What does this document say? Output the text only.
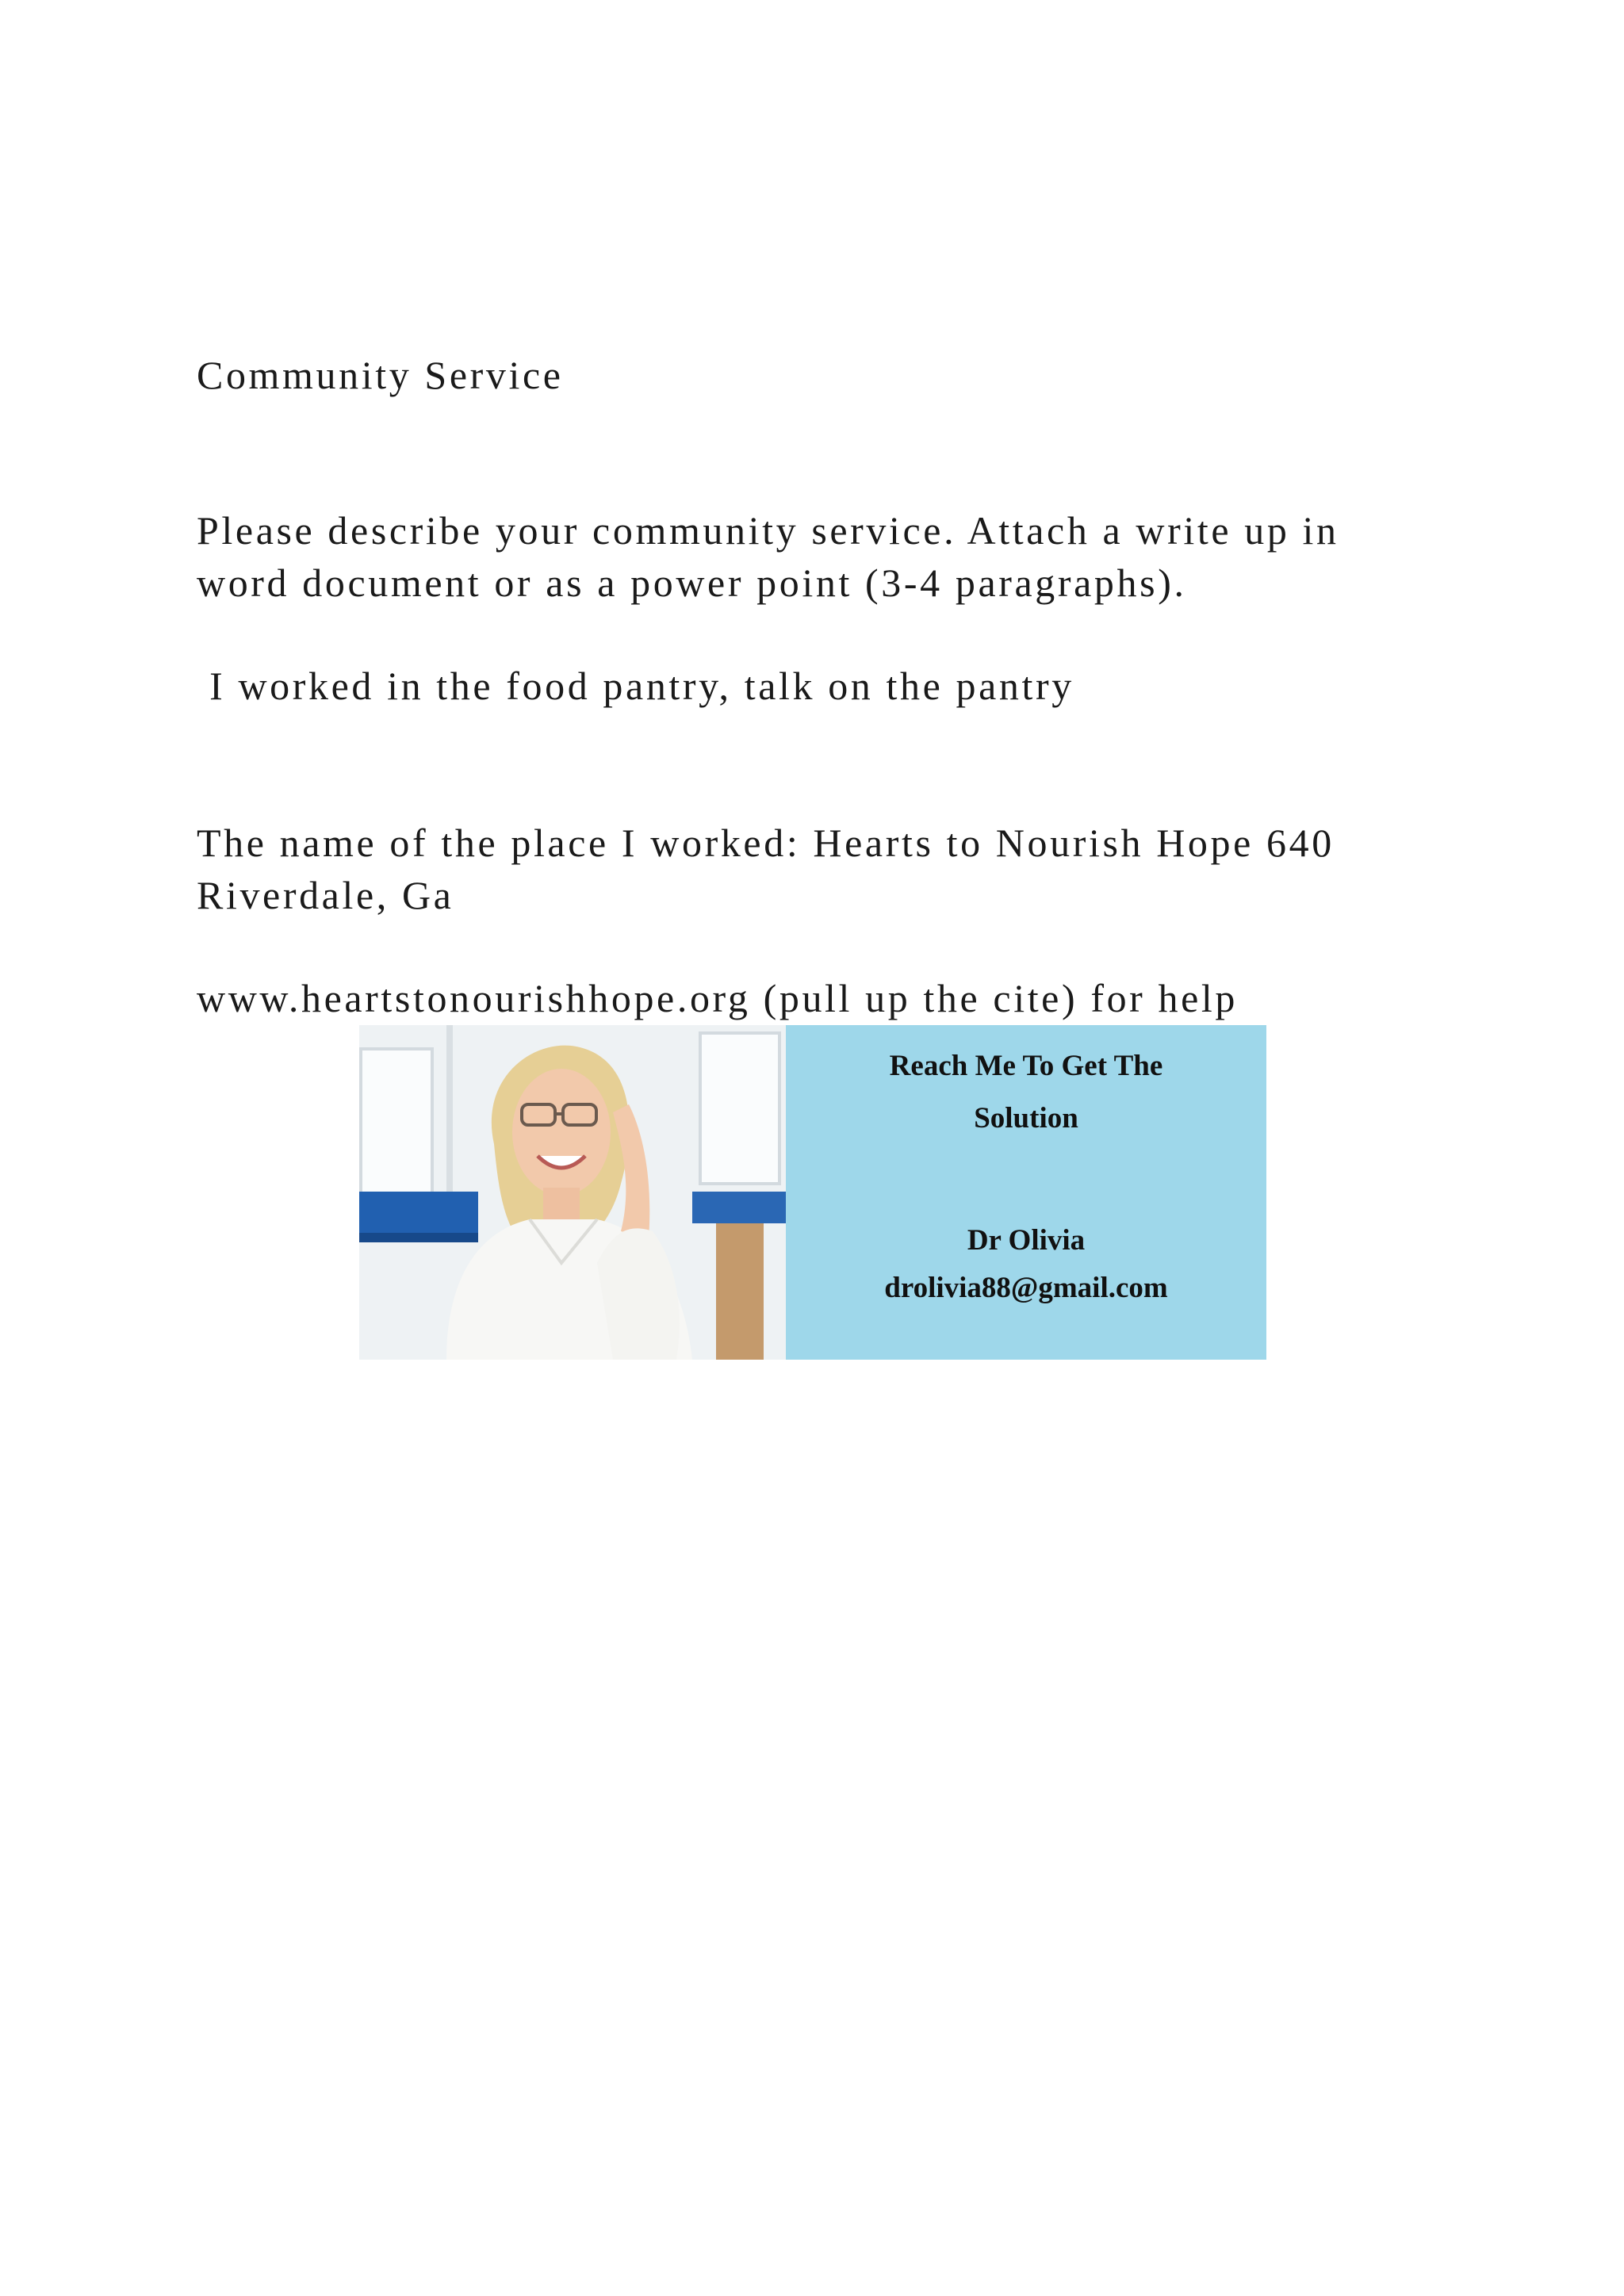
Community Service
Please describe your community service. Attach a write up in
word document or as a power point (3-4 paragraphs).
I worked in the food pantry, talk on the pantry
The name of the place I worked: Hearts to Nourish Hope 640
Riverdale, Ga
www.heartstonourishhope.org (pull up the cite) for help
Reach Me To Get The
Solution
Dr Olivia
drolivia88@gmail.com
